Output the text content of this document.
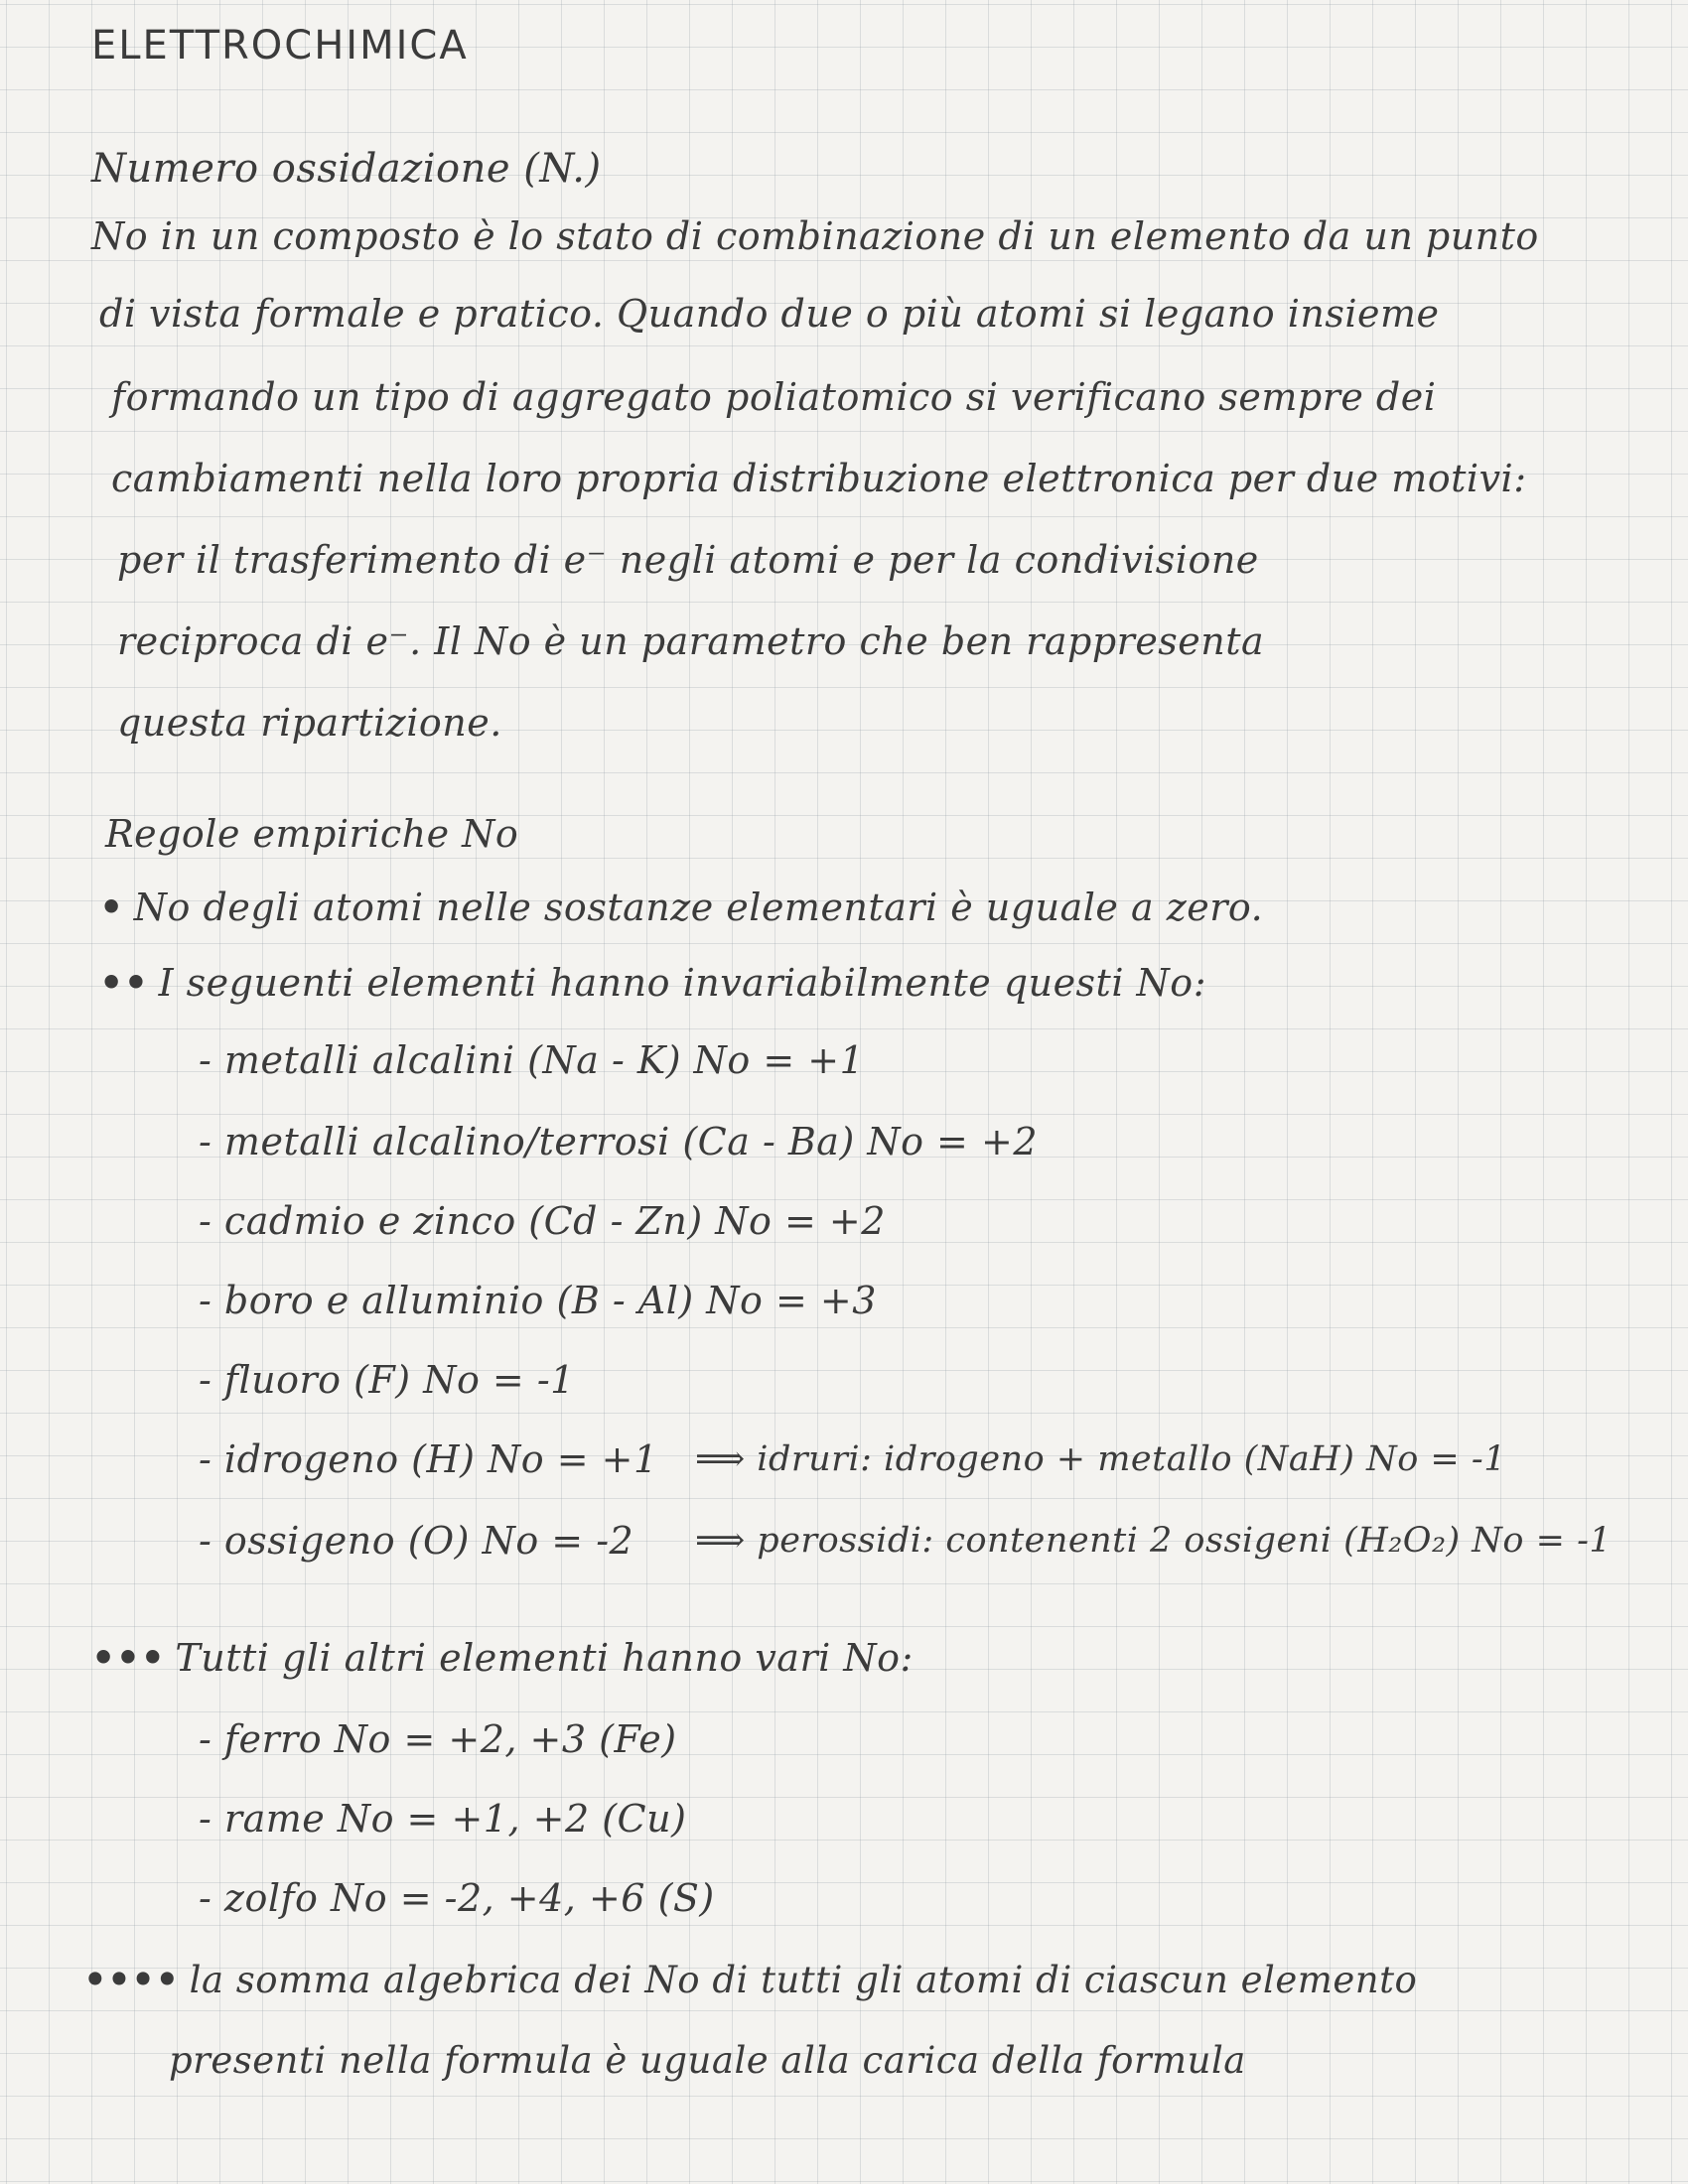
ELETTROCHIMICA
Numero ossidazione (N.)
No in un composto è lo stato di combinazione di un elemento da un punto
di vista formale e pratico. Quando due o più atomi si legano insieme
formando un tipo di aggregato poliatomico si verificano sempre dei
cambiamenti nella loro propria distribuzione elettronica per due motivi:
per il trasferimento di e⁻ negli atomi e per la condivisione
reciproca di e⁻. Il No è un parametro che ben rappresenta
questa ripartizione.
Regole empiriche No
• No degli atomi nelle sostanze elementari è uguale a zero.
•• I seguenti elementi hanno invariabilmente questi No:
- metalli alcalini (Na - K) No = +1
- metalli alcalino/terrosi (Ca - Ba) No = +2
- cadmio e zinco (Cd - Zn) No = +2
- boro e alluminio (B - Al) No = +3
- fluoro (F) No = -1
- idrogeno (H) No = +1 ⟹ idruri: idrogeno + metallo (NaH) No = -1
- ossigeno (O) No = -2 ⟹ perossidi: contenenti 2 ossigeni (H₂O₂) No = -1
••• Tutti gli altri elementi hanno vari No:
- ferro No = +2, +3 (Fe)
- rame No = +1, +2 (Cu)
- zolfo No = -2, +4, +6 (S)
•••• la somma algebrica dei No di tutti gli atomi di ciascun elemento
presenti nella formula è uguale alla carica della formula
